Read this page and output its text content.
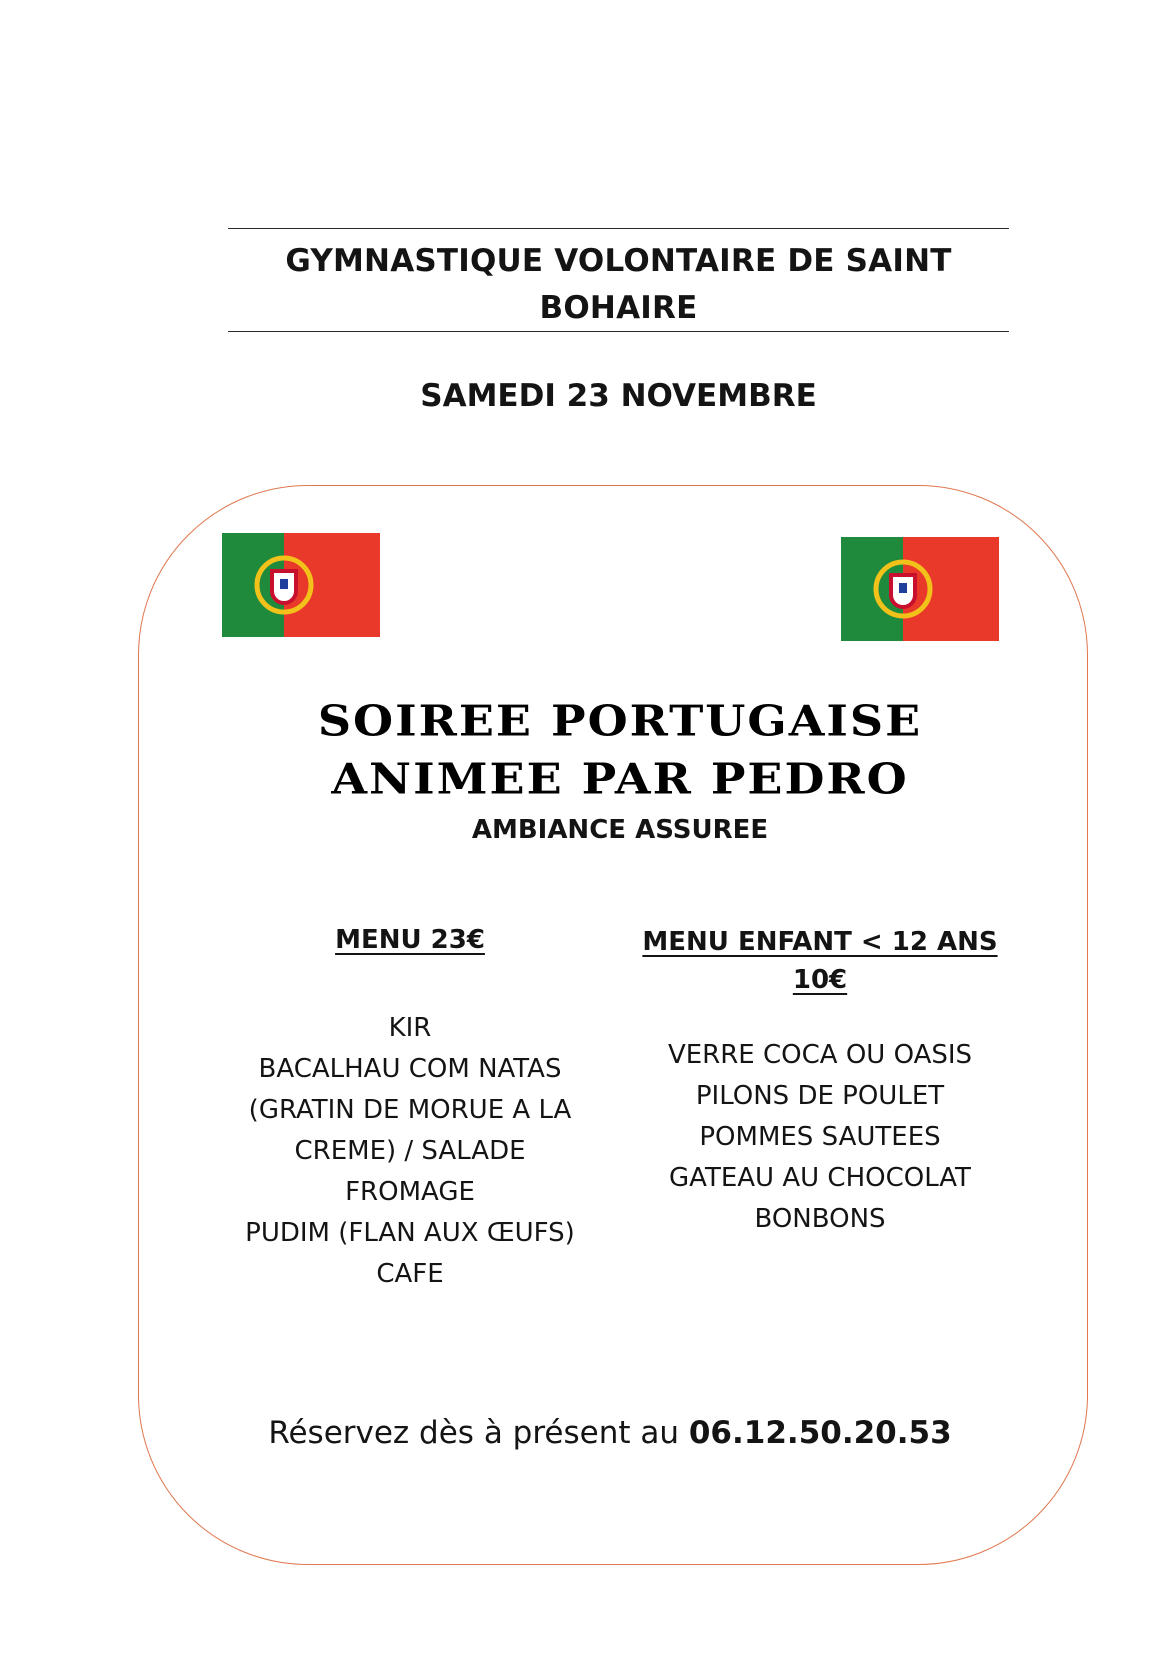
GYMNASTIQUE VOLONTAIRE DE SAINT
BOHAIRE
SAMEDI 23 NOVEMBRE
SOIREE PORTUGAISE
ANIMEE PAR PEDRO
AMBIANCE ASSUREE
MENU 23€
KIR
BACALHAU COM NATAS
(GRATIN DE MORUE A LA
CREME) / SALADE
FROMAGE
PUDIM (FLAN AUX ŒUFS)
CAFE
MENU ENFANT < 12 ANS
10€
VERRE COCA OU OASIS
PILONS DE POULET
POMMES SAUTEES
GATEAU AU CHOCOLAT
BONBONS
Réservez dès à présent au 06.12.50.20.53
